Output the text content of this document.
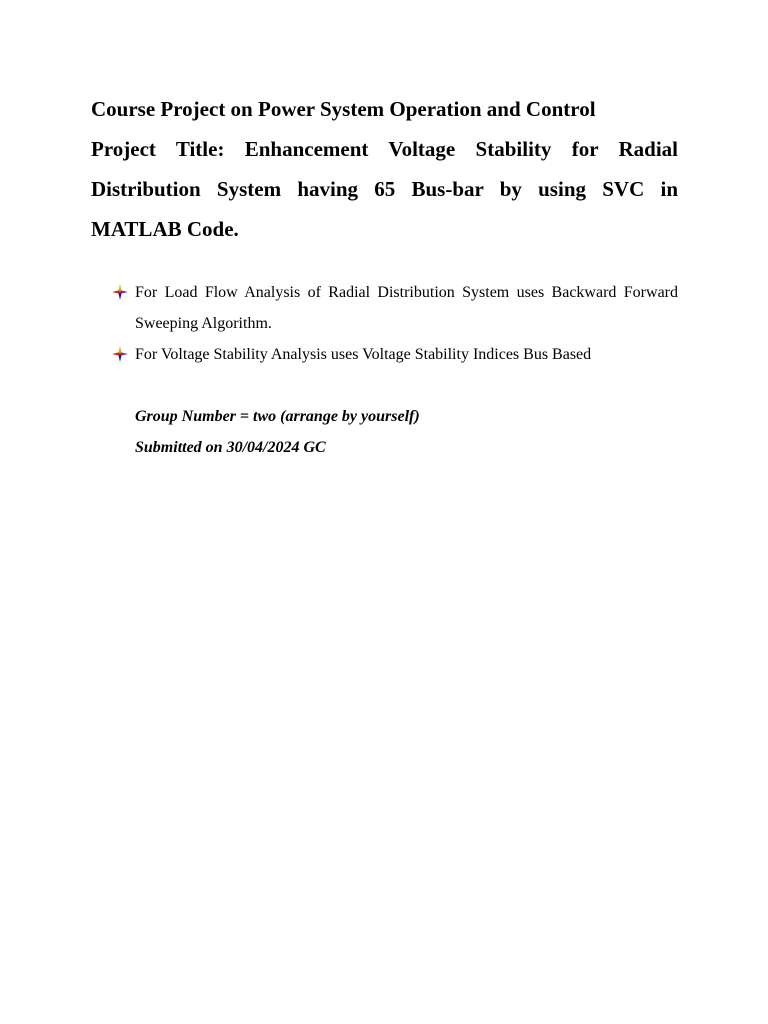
Course Project on Power System Operation and Control
Project Title: Enhancement Voltage Stability for Radial Distribution System having 65 Bus-bar by using SVC in MATLAB Code.
For Load Flow Analysis of Radial Distribution System uses Backward Forward Sweeping Algorithm.
For Voltage Stability Analysis uses Voltage Stability Indices Bus Based
Group Number = two (arrange by yourself)
Submitted on 30/04/2024 GC
